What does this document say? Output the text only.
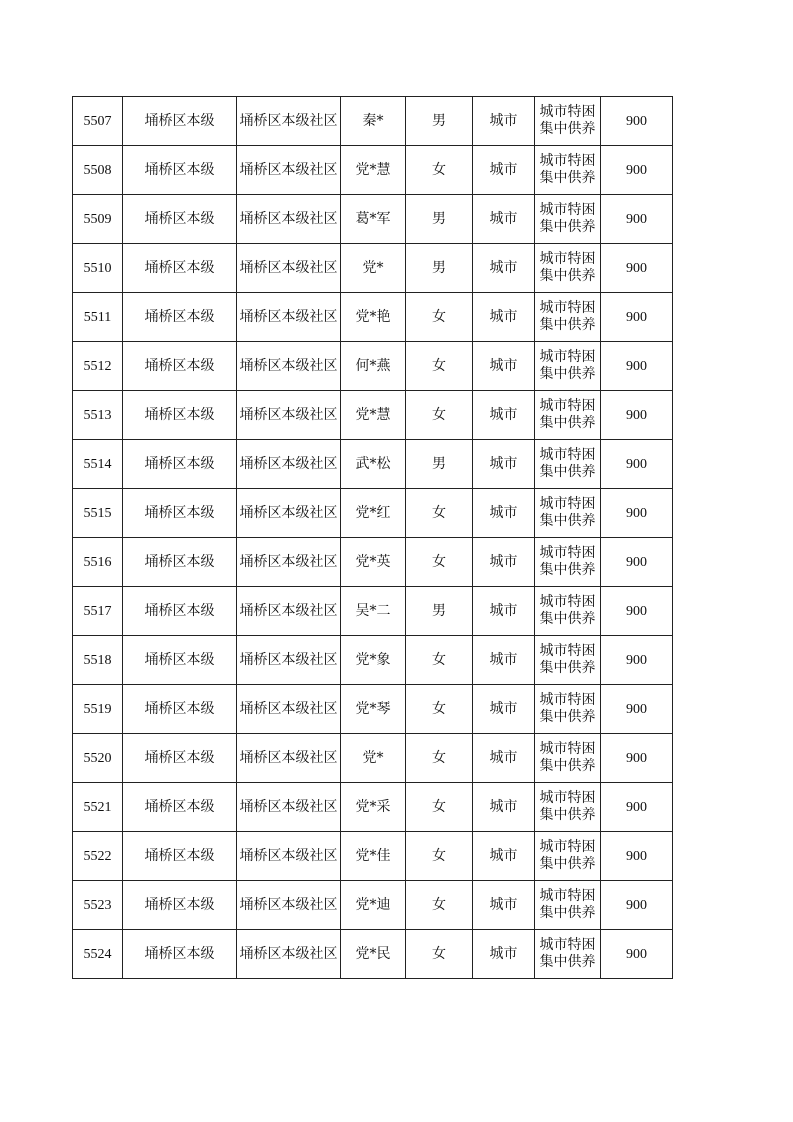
5507	埇桥区本级	埇桥区本级社区	秦*	男	城市	城市特困集中供养	900
5508	埇桥区本级	埇桥区本级社区	党*慧	女	城市	城市特困集中供养	900
5509	埇桥区本级	埇桥区本级社区	葛*军	男	城市	城市特困集中供养	900
5510	埇桥区本级	埇桥区本级社区	党*	男	城市	城市特困集中供养	900
5511	埇桥区本级	埇桥区本级社区	党*艳	女	城市	城市特困集中供养	900
5512	埇桥区本级	埇桥区本级社区	何*燕	女	城市	城市特困集中供养	900
5513	埇桥区本级	埇桥区本级社区	党*慧	女	城市	城市特困集中供养	900
5514	埇桥区本级	埇桥区本级社区	武*松	男	城市	城市特困集中供养	900
5515	埇桥区本级	埇桥区本级社区	党*红	女	城市	城市特困集中供养	900
5516	埇桥区本级	埇桥区本级社区	党*英	女	城市	城市特困集中供养	900
5517	埇桥区本级	埇桥区本级社区	吴*二	男	城市	城市特困集中供养	900
5518	埇桥区本级	埇桥区本级社区	党*象	女	城市	城市特困集中供养	900
5519	埇桥区本级	埇桥区本级社区	党*琴	女	城市	城市特困集中供养	900
5520	埇桥区本级	埇桥区本级社区	党*	女	城市	城市特困集中供养	900
5521	埇桥区本级	埇桥区本级社区	党*采	女	城市	城市特困集中供养	900
5522	埇桥区本级	埇桥区本级社区	党*佳	女	城市	城市特困集中供养	900
5523	埇桥区本级	埇桥区本级社区	党*迪	女	城市	城市特困集中供养	900
5524	埇桥区本级	埇桥区本级社区	党*民	女	城市	城市特困集中供养	900
